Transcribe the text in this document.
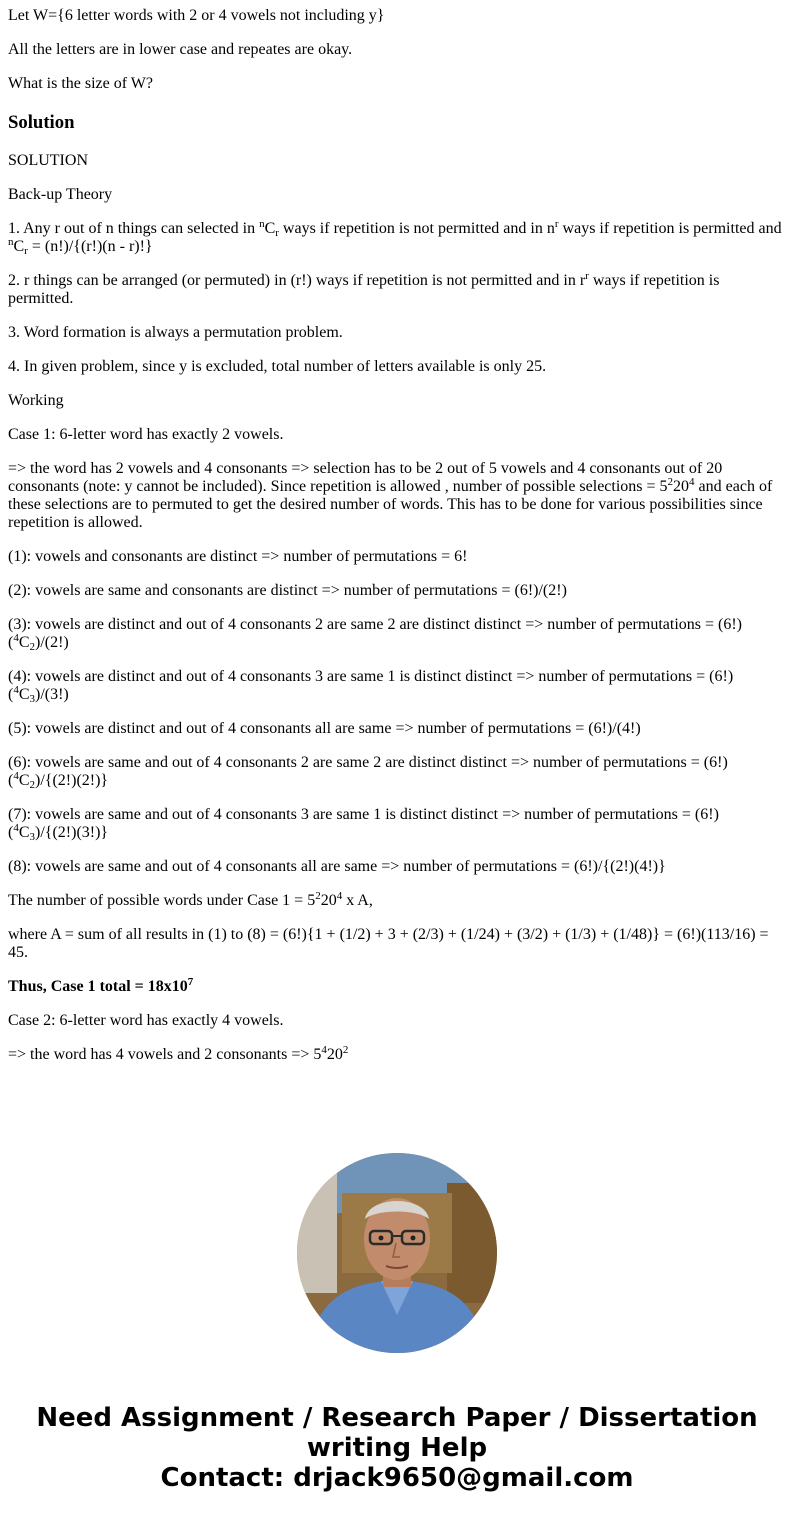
Let W={6 letter words with 2 or 4 vowels not including y}

All the letters are in lower case and repeates are okay.

What is the size of W?

Solution

SOLUTION

Back-up Theory

1. Any r out of n things can selected in $^nC_r$ ways if repetition is not permitted and in $n^r$ ways if repetition is permitted and $^nC_r = (n!)/\{(r!)(n - r)!\}$

2. r things can be arranged (or permuted) in (r!) ways if repetition is not permitted and in $r^r$ ways if repetition is permitted.

3. Word formation is always a permutation problem.

4. In given problem, since y is excluded, total number of letters available is only 25.

Working

Case 1: 6-letter word has exactly 2 vowels.

=> the word has 2 vowels and 4 consonants => selection has to be 2 out of 5 vowels and 4 consonants out of 20 consonants (note: y cannot be included). Since repetition is allowed , number of possible selections = $5^220^4$ and each of these selections are to permuted to get the desired number of words. This has to be done for various possibilities since repetition is allowed.

(1): vowels and consonants are distinct => number of permutations = 6!

(2): vowels are same and consonants are distinct => number of permutations = (6!)/(2!)

(3): vowels are distinct and out of 4 consonants 2 are same 2 are distinct distinct => number of permutations = $(6!)(^4C_2)/(2!)$

(4): vowels are distinct and out of 4 consonants 3 are same 1 is distinct distinct => number of permutations = $(6!)(^4C_3)/(3!)$

(5): vowels are distinct and out of 4 consonants all are same => number of permutations = (6!)/(4!)

(6): vowels are same and out of 4 consonants 2 are same 2 are distinct distinct => number of permutations = $(6!)(^4C_2)/\{(2!)(2!)\}$

(7): vowels are same and out of 4 consonants 3 are same 1 is distinct distinct => number of permutations = $(6!)(^4C_3)/\{(2!)(3!)\}$

(8): vowels are same and out of 4 consonants all are same => number of permutations = (6!)/{(2!)(4!)}

The number of possible words under Case $1 = 5^220^4$ x A,

where A = sum of all results in (1) to (8) = (6!){1 + (1/2) + 3 + (2/3) + (1/24) + (3/2) + (1/3) + (1/48)} = (6!)(113/16) = 45.

Thus, Case 1 total = $18x10^7$

Case 2: 6-letter word has exactly 4 vowels.

=> the word has 4 vowels and 2 consonants => $5^420^2$

Need Assignment / Research Paper / Dissertation
writing Help
Contact: drjack9650@gmail.com
